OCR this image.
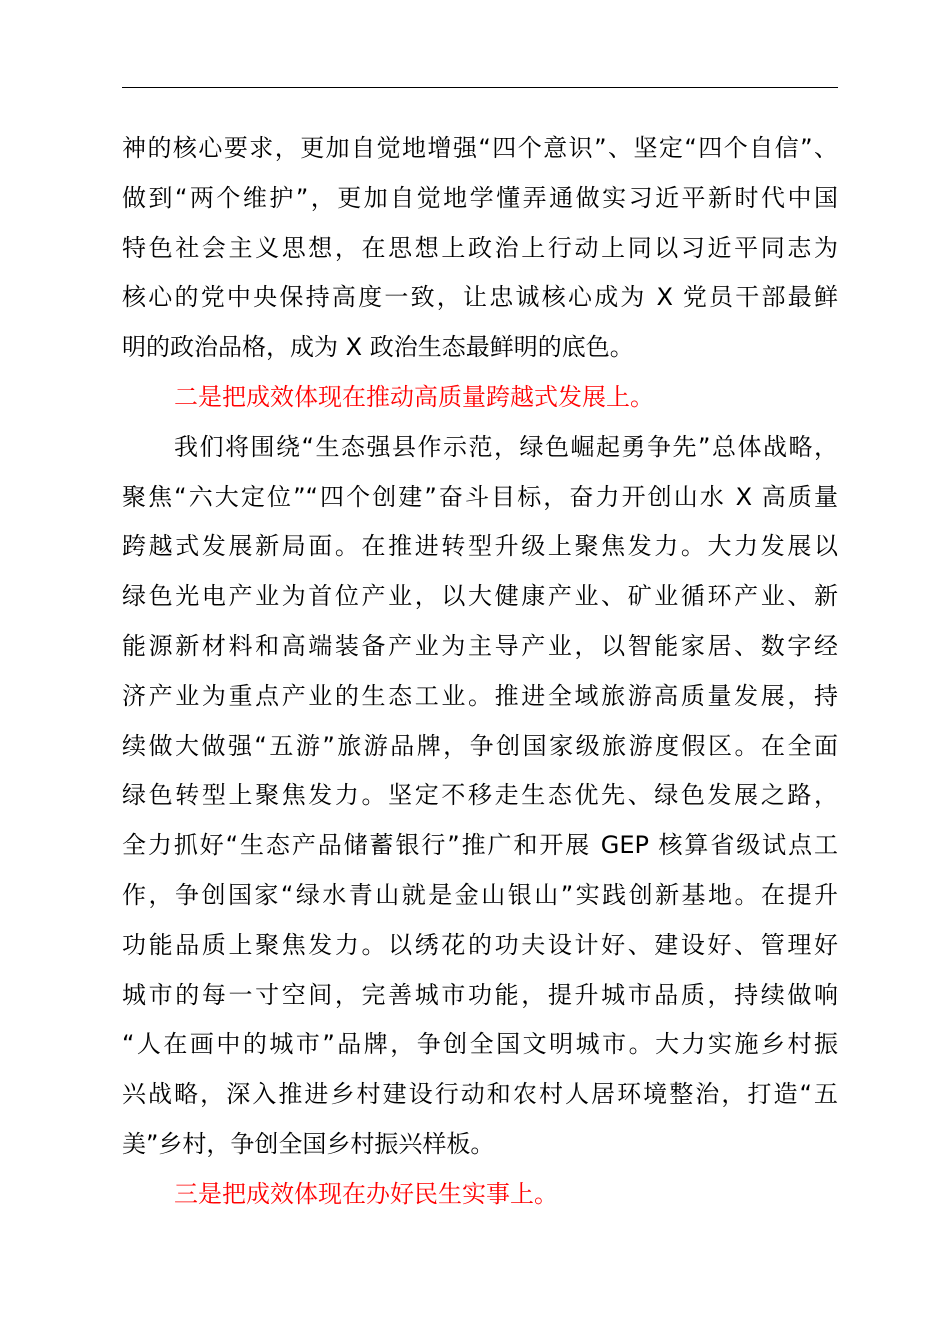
神的核心要求，更加自觉地增强“四个意识”、坚定“四个自信”、
做到“两个维护”，更加自觉地学懂弄通做实习近平新时代中国
特色社会主义思想，在思想上政治上行动上同以习近平同志为
核心的党中央保持高度一致，让忠诚核心成为 X 党员干部最鲜
明的政治品格，成为 X 政治生态最鲜明的底色。
二是把成效体现在推动高质量跨越式发展上。
我们将围绕“生态强县作示范，绿色崛起勇争先”总体战略，
聚焦“六大定位”“四个创建”奋斗目标，奋力开创山水 X 高质量
跨越式发展新局面。在推进转型升级上聚焦发力。大力发展以
绿色光电产业为首位产业，以大健康产业、矿业循环产业、新
能源新材料和高端装备产业为主导产业，以智能家居、数字经
济产业为重点产业的生态工业。推进全域旅游高质量发展，持
续做大做强“五游”旅游品牌，争创国家级旅游度假区。在全面
绿色转型上聚焦发力。坚定不移走生态优先、绿色发展之路，
全力抓好“生态产品储蓄银行”推广和开展 GEP 核算省级试点工
作，争创国家“绿水青山就是金山银山”实践创新基地。在提升
功能品质上聚焦发力。以绣花的功夫设计好、建设好、管理好
城市的每一寸空间，完善城市功能，提升城市品质，持续做响
“人在画中的城市”品牌，争创全国文明城市。大力实施乡村振
兴战略，深入推进乡村建设行动和农村人居环境整治，打造“五
美”乡村，争创全国乡村振兴样板。
三是把成效体现在办好民生实事上。
